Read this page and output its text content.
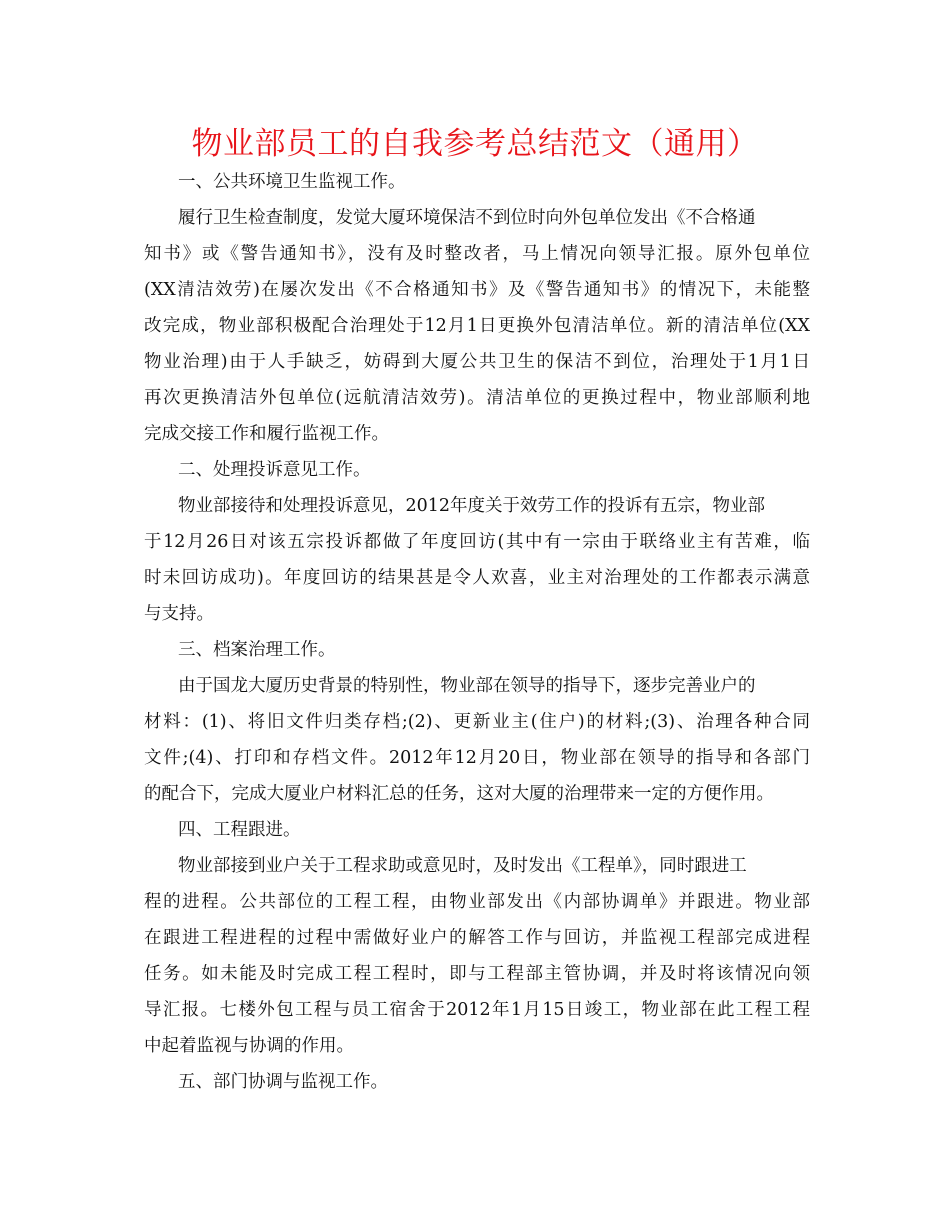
物业部员工的自我参考总结范文（通用）
一、公共环境卫生监视工作。
履行卫生检查制度，发觉大厦环境保洁不到位时向外包单位发出《不合格通
知书》或《警告通知书》，没有及时整改者，马上情况向领导汇报。原外包单位
(XX清洁效劳)在屡次发出《不合格通知书》及《警告通知书》的情况下，未能整
改完成，物业部积极配合治理处于12月1日更换外包清洁单位。新的清洁单位(XX
物业治理)由于人手缺乏，妨碍到大厦公共卫生的保洁不到位，治理处于1月1日
再次更换清洁外包单位(远航清洁效劳)。清洁单位的更换过程中，物业部顺利地
完成交接工作和履行监视工作。
二、处理投诉意见工作。
物业部接待和处理投诉意见，2012年度关于效劳工作的投诉有五宗，物业部
于12月26日对该五宗投诉都做了年度回访(其中有一宗由于联络业主有苦难，临
时未回访成功)。年度回访的结果甚是令人欢喜，业主对治理处的工作都表示满意
与支持。
三、档案治理工作。
由于国龙大厦历史背景的特别性，物业部在领导的指导下，逐步完善业户的
材料：(1)、将旧文件归类存档;(2)、更新业主(住户)的材料;(3)、治理各种合同
文件;(4)、打印和存档文件。2012年12月20日，物业部在领导的指导和各部门
的配合下，完成大厦业户材料汇总的任务，这对大厦的治理带来一定的方便作用。
四、工程跟进。
物业部接到业户关于工程求助或意见时，及时发出《工程单》，同时跟进工
程的进程。公共部位的工程工程，由物业部发出《内部协调单》并跟进。物业部
在跟进工程进程的过程中需做好业户的解答工作与回访，并监视工程部完成进程
任务。如未能及时完成工程工程时，即与工程部主管协调，并及时将该情况向领
导汇报。七楼外包工程与员工宿舍于2012年1月15日竣工，物业部在此工程工程
中起着监视与协调的作用。
五、部门协调与监视工作。
